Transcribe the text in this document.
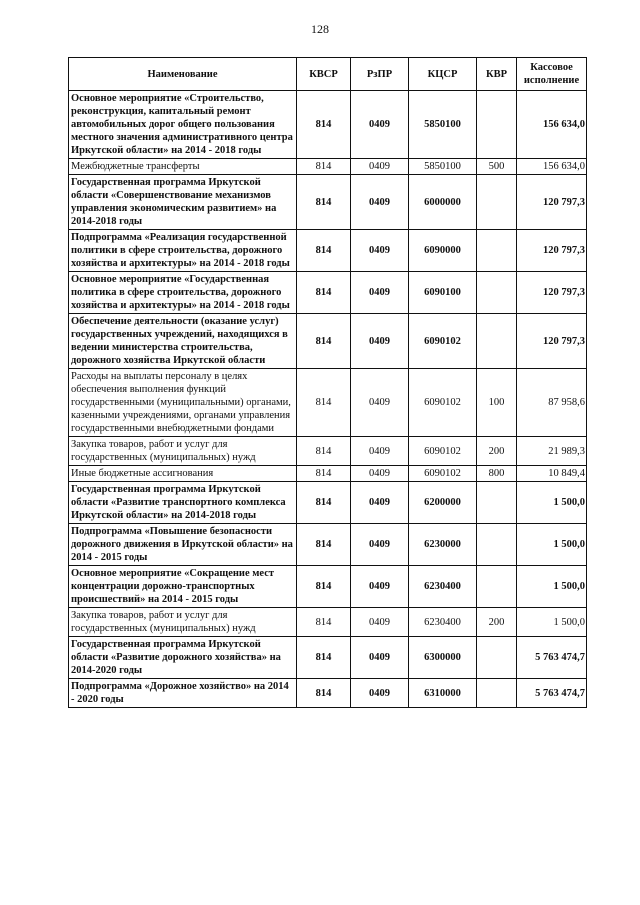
128
Наименование	КВСР	РзПР	КЦСР	КВР	Кассовое исполнение
Основное мероприятие «Строительство, реконструкция, капитальный ремонт автомобильных дорог общего пользования местного значения административного центра Иркутской области» на 2014 - 2018 годы	814	0409	5850100		156 634,0
Межбюджетные трансферты	814	0409	5850100	500	156 634,0
Государственная программа Иркутской области «Совершенствование механизмов управления экономическим развитием» на 2014-2018 годы	814	0409	6000000		120 797,3
Подпрограмма «Реализация государственной политики в сфере строительства, дорожного хозяйства и архитектуры» на 2014 - 2018 годы	814	0409	6090000		120 797,3
Основное мероприятие «Государственная политика в сфере строительства, дорожного хозяйства и архитектуры» на 2014 - 2018 годы	814	0409	6090100		120 797,3
Обеспечение деятельности (оказание услуг) государственных учреждений, находящихся в ведении министерства строительства, дорожного хозяйства Иркутской области	814	0409	6090102		120 797,3
Расходы на выплаты персоналу в целях обеспечения выполнения функций государственными (муниципальными) органами, казенными учреждениями, органами управления государственными внебюджетными фондами	814	0409	6090102	100	87 958,6
Закупка товаров, работ и услуг для государственных (муниципальных) нужд	814	0409	6090102	200	21 989,3
Иные бюджетные ассигнования	814	0409	6090102	800	10 849,4
Государственная программа Иркутской области «Развитие транспортного комплекса Иркутской области» на 2014-2018 годы	814	0409	6200000		1 500,0
Подпрограмма «Повышение безопасности дорожного движения в Иркутской области» на 2014 - 2015 годы	814	0409	6230000		1 500,0
Основное мероприятие «Сокращение мест концентрации дорожно-транспортных происшествий» на 2014 - 2015 годы	814	0409	6230400		1 500,0
Закупка товаров, работ и услуг для государственных (муниципальных) нужд	814	0409	6230400	200	1 500,0
Государственная программа Иркутской области «Развитие дорожного хозяйства» на 2014-2020 годы	814	0409	6300000		5 763 474,7
Подпрограмма «Дорожное хозяйство» на 2014 - 2020 годы	814	0409	6310000		5 763 474,7
